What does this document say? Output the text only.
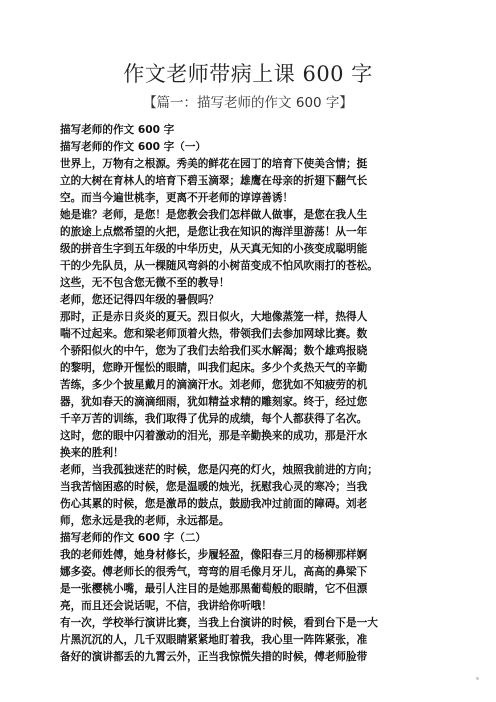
作文老师带病上课 600 字
【篇一：描写老师的作文 600 字】
描写老师的作文 600 字
描写老师的作文 600 字（一）
世界上，万物有之根源。秀美的鲜花在园丁的培育下使美含情；挺
立的大树在育林人的培育下碧玉滴翠；雄鹰在母亲的折翅下翻气长
空。而当今遍世桃李，更离不开老师的谆谆善诱！
她是谁？老师，是您！是您教会我们怎样做人做事，是您在我人生
的旅途上点燃希望的火把，是您让我在知识的海洋里游荡！从一年
级的拼音生字到五年级的中华历史，从天真无知的小孩变成聪明能
干的少先队员，从一棵随风弯斜的小树苗变成不怕风吹雨打的苍松。
这些，无不包含您无微不至的教导！
老师，您还记得四年级的暑假吗？
那时，正是赤日炎炎的夏天。烈日似火，大地像蒸笼一样，热得人
喘不过起来。您和梁老师顶着火热，带领我们去参加网球比赛。数
个骄阳似火的中午，您为了我们去给我们买水解渴；数个雄鸡报晓
的黎明，您睁开惺忪的眼睛，叫我们起床。多少个炙热天气的辛勤
苦练，多少个披星戴月的滴滴汗水。刘老师，您犹如不知疲劳的机
器，犹如春天的滴滴细雨，犹如精益求精的雕刻家。终于，经过您
千辛万苦的训练，我们取得了优异的成绩，每个人都获得了名次。
这时，您的眼中闪着激动的泪光，那是辛勤换来的成功，那是汗水
换来的胜利！
老师，当我孤独迷茫的时候，您是闪亮的灯火，烛照我前进的方向；
当我苦恼困惑的时候，您是温暖的烛光，抚慰我心灵的寒冷；当我
伤心其累的时候，您是激昂的鼓点，鼓励我冲过前面的障碍。刘老
师，您永远是我的老师，永远都是。
描写老师的作文 600 字（二）
我的老师姓傅，她身材修长，步履轻盈，像阳春三月的杨柳那样婀
娜多姿。傅老师长的很秀气，弯弯的眉毛像月牙儿，高高的鼻梁下
是一张樱桃小嘴，最引人注目的是她那黑葡萄般的眼睛，它不但漂
亮，而且还会说话呢，不信，我讲给你听哦！
有一次，学校举行演讲比赛，当我上台演讲的时候，看到台下是一大
片黑沉沉的人，几千双眼睛紧紧地盯着我，我心里一阵阵紧张，准
备好的演讲都丢的九霄云外，正当我惊慌失措的时候，傅老师脸带
